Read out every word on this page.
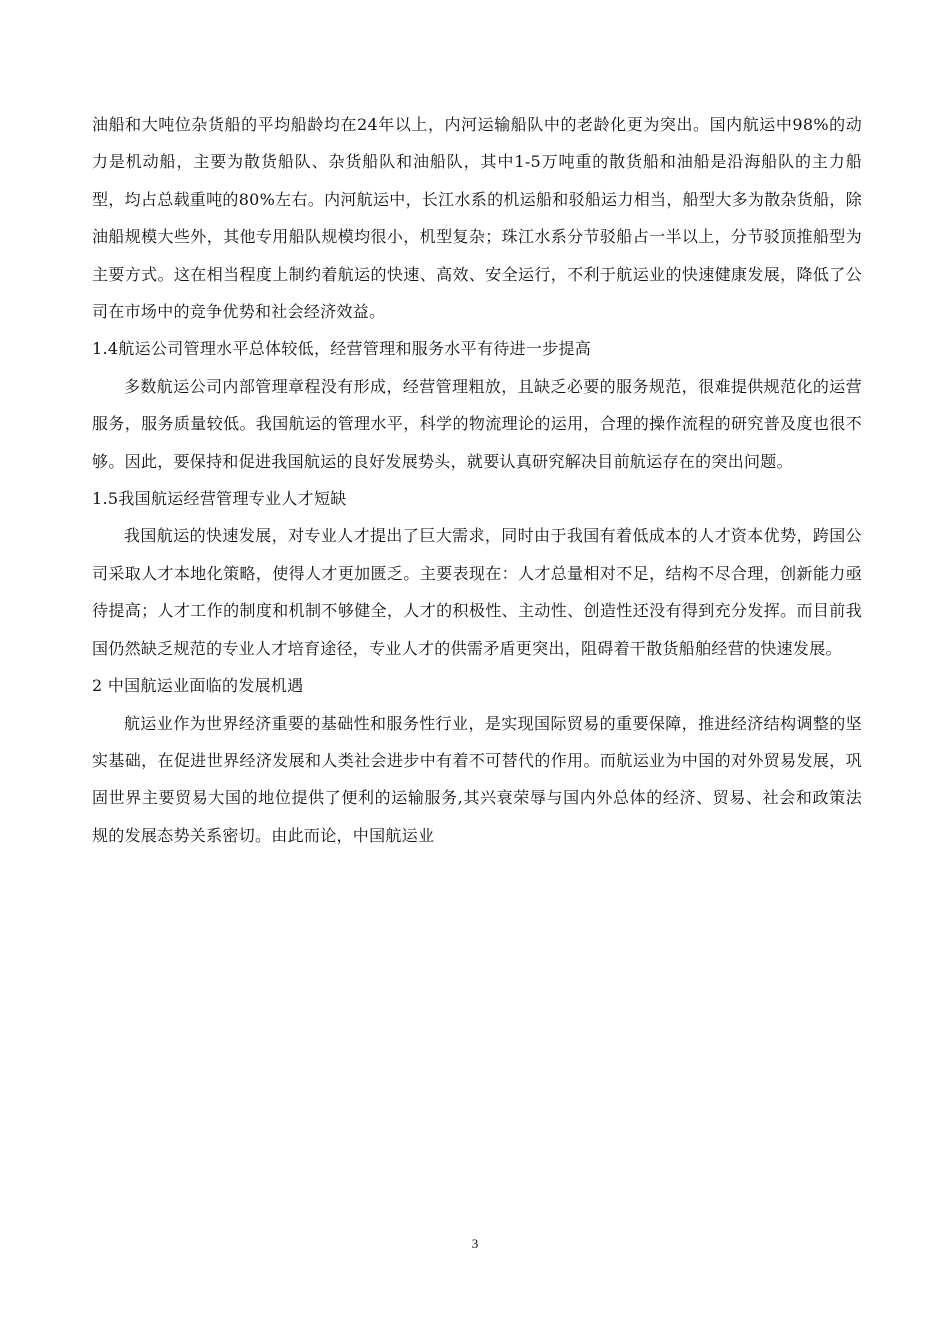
油船和大吨位杂货船的平均船龄均在24年以上，内河运输船队中的老龄化更为突出。国内航运中98%的动力是机动船，主要为散货船队、杂货船队和油船队，其中1-5万吨重的散货船和油船是沿海船队的主力船型，均占总载重吨的80%左右。内河航运中，长江水系的机运船和驳船运力相当，船型大多为散杂货船，除油船规模大些外，其他专用船队规模均很小，机型复杂；珠江水系分节驳船占一半以上，分节驳顶推船型为主要方式。这在相当程度上制约着航运的快速、高效、安全运行，不利于航运业的快速健康发展，降低了公司在市场中的竞争优势和社会经济效益。

1.4航运公司管理水平总体较低，经营管理和服务水平有待进一步提高

多数航运公司内部管理章程没有形成，经营管理粗放，且缺乏必要的服务规范，很难提供规范化的运营服务，服务质量较低。我国航运的管理水平，科学的物流理论的运用，合理的操作流程的研究普及度也很不够。因此，要保持和促进我国航运的良好发展势头，就要认真研究解决目前航运存在的突出问题。

1.5我国航运经营管理专业人才短缺

我国航运的快速发展，对专业人才提出了巨大需求，同时由于我国有着低成本的人才资本优势，跨国公司采取人才本地化策略，使得人才更加匮乏。主要表现在：人才总量相对不足，结构不尽合理，创新能力亟待提高；人才工作的制度和机制不够健全，人才的积极性、主动性、创造性还没有得到充分发挥。而目前我国仍然缺乏规范的专业人才培育途径，专业人才的供需矛盾更突出，阻碍着干散货船舶经营的快速发展。

2 中国航运业面临的发展机遇

航运业作为世界经济重要的基础性和服务性行业，是实现国际贸易的重要保障，推进经济结构调整的坚实基础，在促进世界经济发展和人类社会进步中有着不可替代的作用。而航运业为中国的对外贸易发展，巩固世界主要贸易大国的地位提供了便利的运输服务,其兴衰荣辱与国内外总体的经济、贸易、社会和政策法规的发展态势关系密切。由此而论，中国航运业

3
